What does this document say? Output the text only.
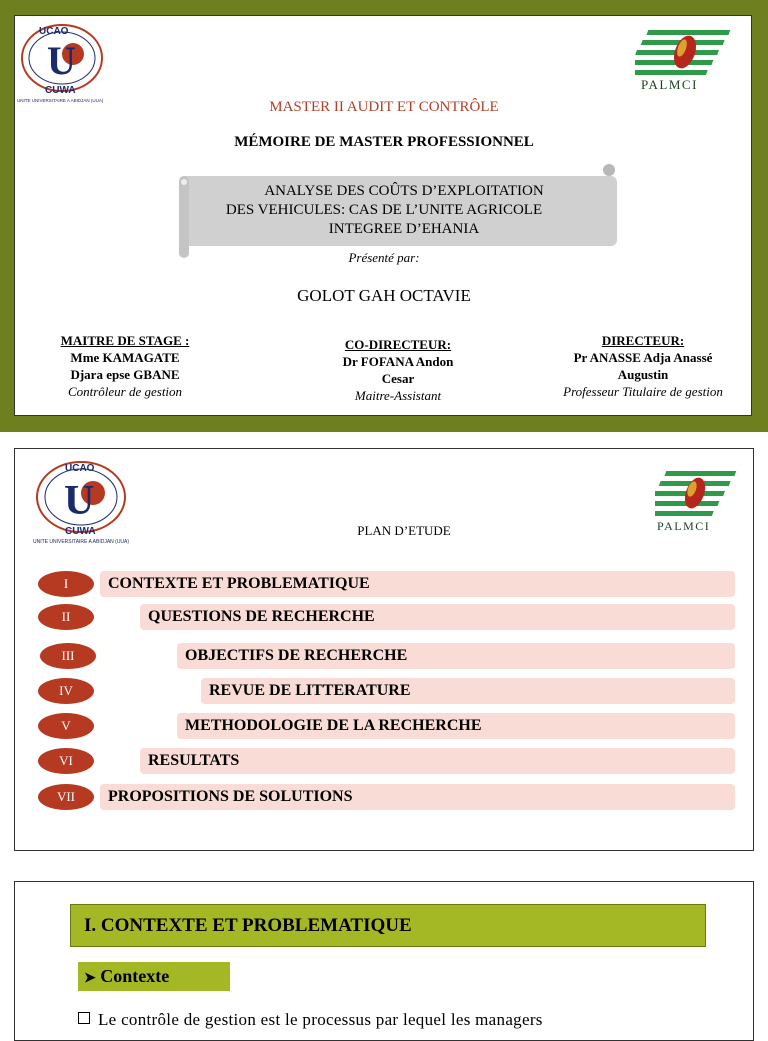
UCAO
U
CUWA
UNITE UNIVERSITAIRE A ABIDJAN (UUA)
PALMCI
MASTER II AUDIT ET CONTRÔLE
MÉMOIRE DE MASTER PROFESSIONNEL
ANALYSE DES COÛTS D’EXPLOITATION
DES VEHICULES: CAS DE L’UNITE AGRICOLE
INTEGREE D’EHANIA
Présenté par:
GOLOT GAH OCTAVIE
MAITRE DE STAGE :
Mme KAMAGATE
Djara epse GBANE
Contrôleur de gestion
CO-DIRECTEUR:
Dr FOFANA Andon
Cesar
Maitre-Assistant
DIRECTEUR:
Pr ANASSE Adja Anassé
Augustin
Professeur Titulaire de gestion
UCAO
U
CUWA
UNITE UNIVERSITAIRE A ABIDJAN (UUA)
PALMCI
PLAN D’ETUDE
I	CONTEXTE ET PROBLEMATIQUE
II	QUESTIONS DE RECHERCHE
III	OBJECTIFS DE RECHERCHE
IV	REVUE DE LITTERATURE
V	METHODOLOGIE DE LA RECHERCHE
VI	RESULTATS
VII	PROPOSITIONS DE SOLUTIONS
I. CONTEXTE ET PROBLEMATIQUE
➤ Contexte
Le contrôle de gestion est le processus par lequel les managers
